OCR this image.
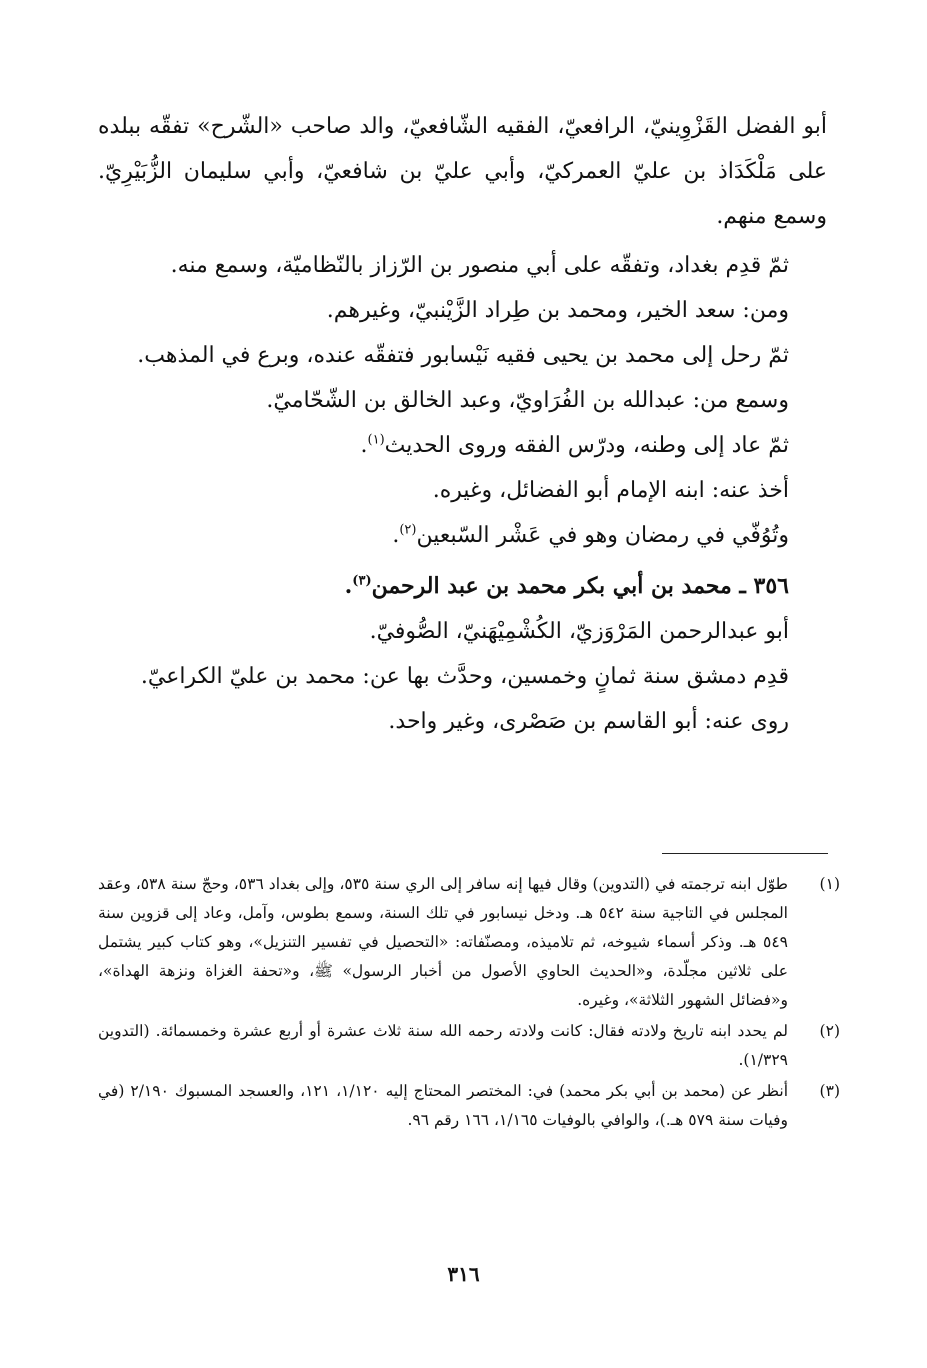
أبو الفضل القَزْوِينيّ، الرافعيّ، الفقيه الشّافعيّ، والد صاحب «الشّرح» تفقّه ببلده على مَلْكَدَاذ بن عليّ العمركيّ، وأبي عليّ بن شافعيّ، وأبي سليمان الزُّبَيْرِيّ. وسمع منهم.

ثمّ قدِم بغداد، وتفقّه على أبي منصور بن الرّزاز بالنّظاميّة، وسمع منه.

ومن: سعد الخير، ومحمد بن طِراد الزَّيْنبيّ، وغيرهم.

ثمّ رحل إلى محمد بن يحيى فقيه نَيْسابور فتفقّه عنده، وبرع في المذهب.

وسمع من: عبدالله بن الفُرَاويّ، وعبد الخالق بن الشّحّاميّ.

ثمّ عاد إلى وطنه، ودرّس الفقه وروى الحديث$^{(١)}$.

أخذ عنه: ابنه الإمام أبو الفضائل، وغيره.

وتُوُفّي في رمضان وهو في عَشْر السّبعين$^{(٢)}$.

٣٥٦ ـ محمد بن أبي بكر محمد بن عبد الرحمن$^{(٣)}$.

أبو عبدالرحمن المَرْوَزيّ، الكُشْمِيْهَنيّ، الصُّوفيّ.

قدِم دمشق سنة ثمانٍ وخمسين، وحدَّث بها عن: محمد بن عليّ الكراعيّ.

روى عنه: أبو القاسم بن صَصْرى، وغير واحد.

(١)
طوّل ابنه ترجمته في (التدوين) وقال فيها إنه سافر إلى الري سنة ٥٣٥، وإلى بغداد ٥٣٦، وحجّ سنة ٥٣٨، وعقد المجلس في التاجية سنة ٥٤٢ هـ. ودخل نيسابور في تلك السنة، وسمع بطوس، وآمل، وعاد إلى قزوين سنة ٥٤٩ هـ. وذكر أسماء شيوخه، ثم تلاميذه، ومصنّفاته: «التحصيل في تفسير التنزيل»، وهو كتاب كبير يشتمل على ثلاثين مجلّدة، و«الحديث الحاوي الأصول من أخبار الرسول» ﷺ، و«تحفة الغزاة ونزهة الهداة»، و«فضائل الشهور الثلاثة»، وغيره.
(٢)
لم يحدد ابنه تاريخ ولادته فقال: كانت ولادته رحمه الله سنة ثلاث عشرة أو أربع عشرة وخمسمائة. (التدوين ١/٣٢٩).
(٣)
أنظر عن (محمد بن أبي بكر محمد) في: المختصر المحتاج إليه ١/١٢٠، ١٢١، والعسجد المسبوك ٢/١٩٠ (في وفيات سنة ٥٧٩ هـ.)، والوافي بالوفيات ١/١٦٥، ١٦٦ رقم ٩٦.
٣١٦
